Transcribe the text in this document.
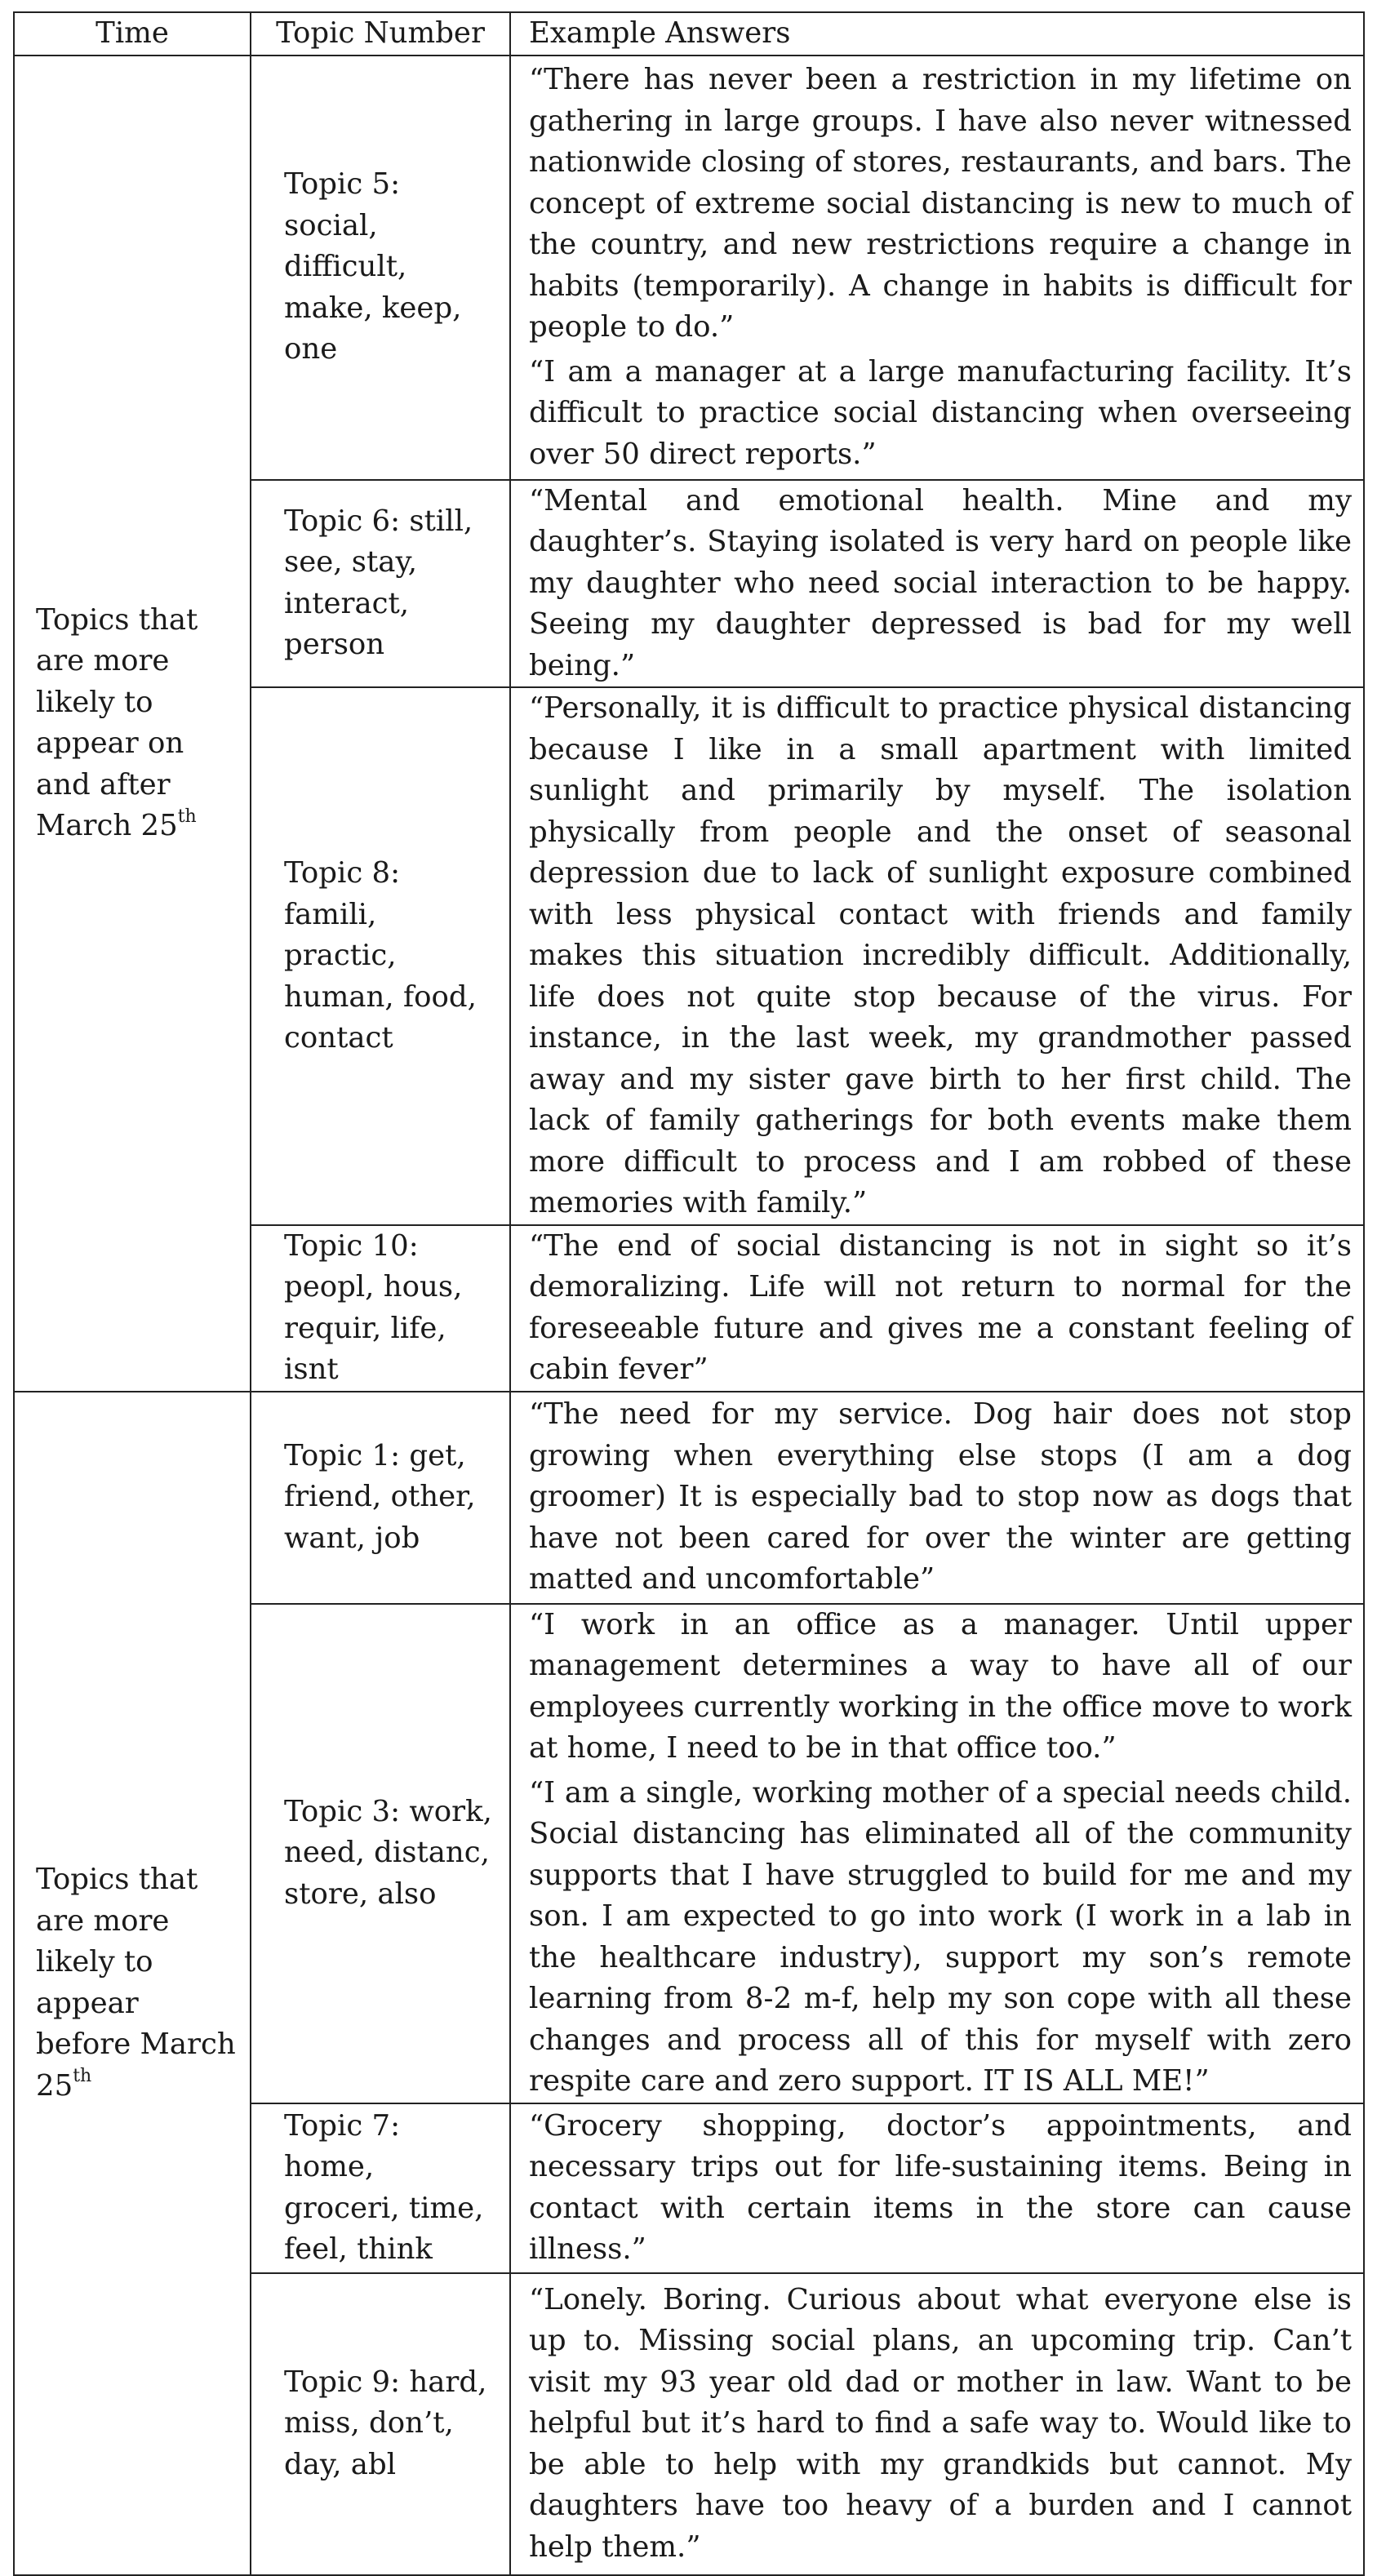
Time	Topic Number	Example Answers
Topics that are more likely to appear on and after March 25th	Topic 5: social, difficult, make, keep, one	“There has never been a restriction in my lifetime on gathering in large groups. I have also never witnessed nationwide closing of stores, restaurants, and bars. The concept of extreme social distancing is new to much of the country, and new restrictions require a change in habits (temporarily). A change in habits is difficult for people to do.”
“I am a manager at a large manufacturing facility. It’s difficult to practice social distancing when overseeing over 50 direct reports.”

	Topic 6: still, see, stay, interact, person	“Mental and emotional health. Mine and my daughter’s. Staying isolated is very hard on people like my daughter who need social interaction to be happy. Seeing my daughter depressed is bad for my well being.”

	Topic 8: famili, practic, human, food, contact	“Personally, it is difficult to practice physical distancing because I like in a small apartment with limited sunlight and primarily by myself. The isolation physically from people and the onset of seasonal depression due to lack of sunlight exposure combined with less physical contact with friends and family makes this situation incredibly difficult. Additionally, life does not quite stop because of the virus. For instance, in the last week, my grandmother passed away and my sister gave birth to her first child. The lack of family gatherings for both events make them more difficult to process and I am robbed of these memories with family.”

	Topic 10: peopl, hous, requir, life, isnt	“The end of social distancing is not in sight so it’s demoralizing. Life will not return to normal for the foreseeable future and gives me a constant feeling of cabin fever”

Topics that are more likely to appear before March 25th	Topic 1: get, friend, other, want, job	“The need for my service. Dog hair does not stop growing when everything else stops (I am a dog groomer) It is especially bad to stop now as dogs that have not been cared for over the winter are getting matted and uncomfortable”

	Topic 3: work, need, distanc, store, also	“I work in an office as a manager. Until upper management determines a way to have all of our employees currently working in the office move to work at home, I need to be in that office too.”
“I am a single, working mother of a special needs child. Social distancing has eliminated all of the community supports that I have struggled to build for me and my son. I am expected to go into work (I work in a lab in the healthcare industry), support my son’s remote learning from 8-2 m-f, help my son cope with all these changes and process all of this for myself with zero respite care and zero support. IT IS ALL ME!”

	Topic 7: home, groceri, time, feel, think	“Grocery shopping, doctor’s appointments, and necessary trips out for life-sustaining items. Being in contact with certain items in the store can cause illness.”

	Topic 9: hard, miss, don’t, day, abl	“Lonely. Boring. Curious about what everyone else is up to. Missing social plans, an upcoming trip. Can’t visit my 93 year old dad or mother in law. Want to be helpful but it’s hard to find a safe way to. Would like to be able to help with my grandkids but cannot. My daughters have too heavy of a burden and I cannot help them.”
